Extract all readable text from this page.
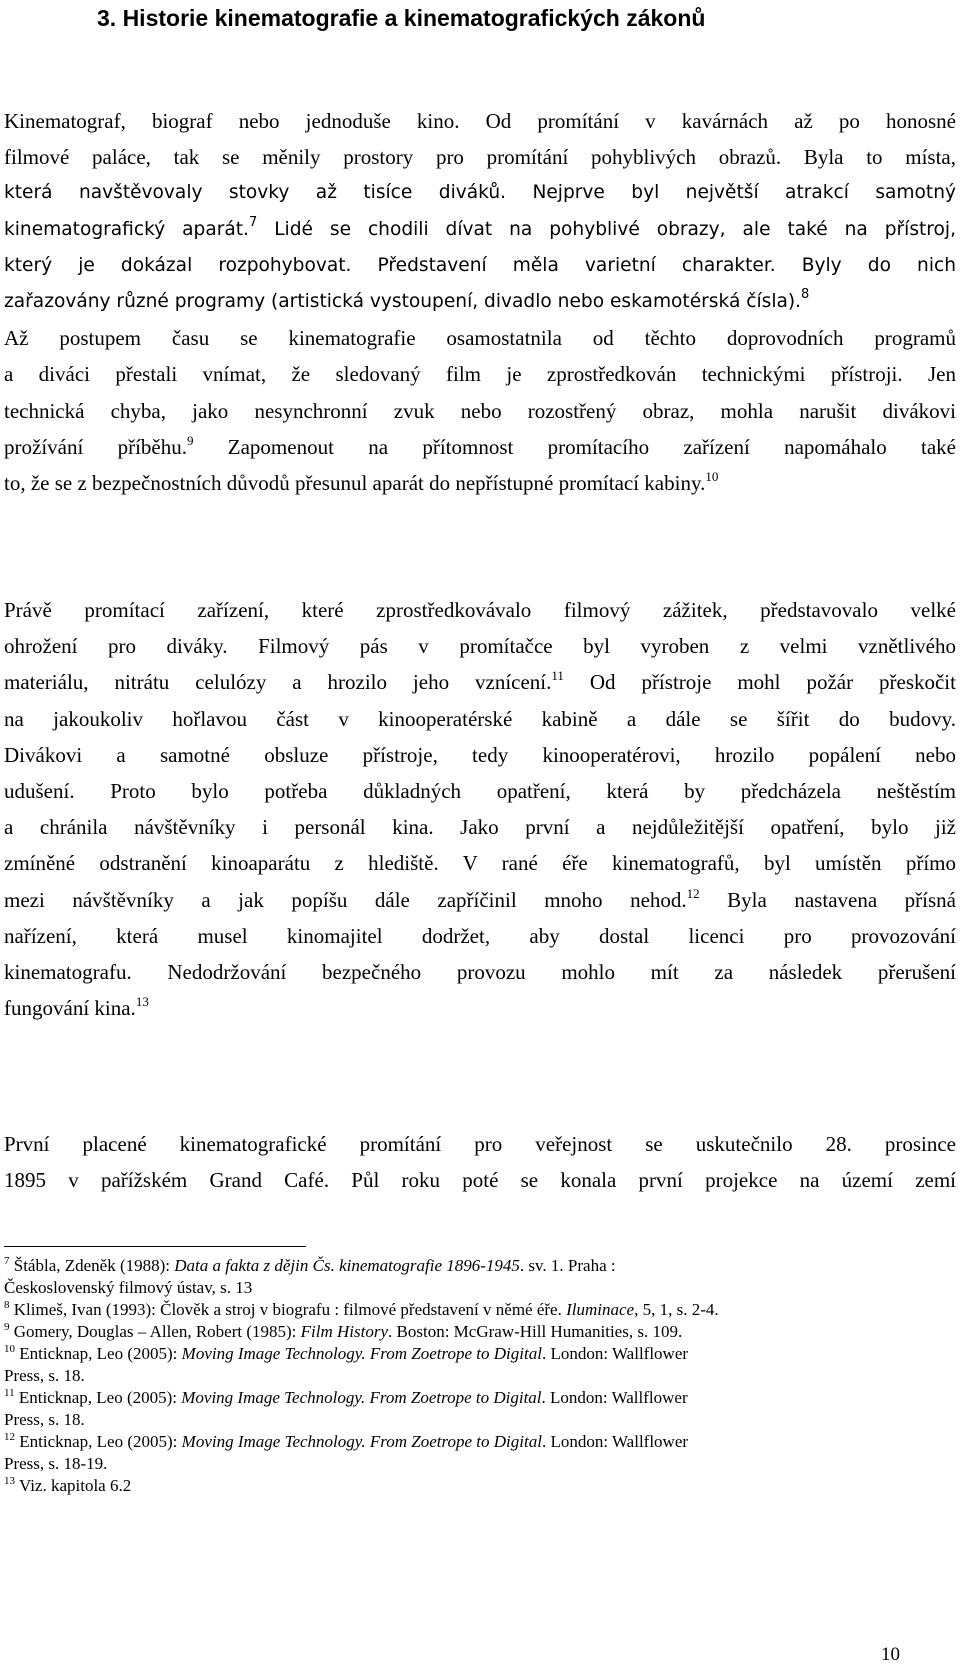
3. Historie kinematografie a kinematografických zákonů
Kinematograf, biograf nebo jednoduše kino. Od promítání v kavárnách až po honosné
filmové paláce, tak se měnily prostory pro promítání pohyblivých obrazů. Byla to místa,
která navštěvovaly stovky až tisíce diváků. Nejprve byl největší atrakcí samotný
kinematografický aparát.$^7$ Lidé se chodili dívat na pohyblivé obrazy, ale také na přístroj,
který je dokázal rozpohybovat. Představení měla varietní charakter. Byly do nich
zařazovány různé programy (artistická vystoupení, divadlo nebo eskamotérská čísla).$^8$
Až postupem času se kinematografie osamostatnila od těchto doprovodních programů
a diváci přestali vnímat, že sledovaný film je zprostředkován technickými přístroji. Jen
technická chyba, jako nesynchronní zvuk nebo rozostřený obraz, mohla narušit divákovi
prožívání příběhu.$^9$ Zapomenout na přítomnost promítacího zařízení napomáhalo také
to, že se z bezpečnostních důvodů přesunul aparát do nepřístupné promítací kabiny.$^{10}$
Právě promítací zařízení, které zprostředkovávalo filmový zážitek, představovalo velké
ohrožení pro diváky. Filmový pás v promítačce byl vyroben z velmi vznětlivého
materiálu, nitrátu celulózy a hrozilo jeho vznícení.$^{11}$ Od přístroje mohl požár přeskočit
na jakoukoliv hořlavou část v kinooperatérské kabině a dále se šířit do budovy.
Divákovi a samotné obsluze přístroje, tedy kinooperatérovi, hrozilo popálení nebo
udušení. Proto bylo potřeba důkladných opatření, která by předcházela neštěstím
a chránila návštěvníky i personál kina. Jako první a nejdůležitější opatření, bylo již
zmíněné odstranění kinoaparátu z hlediště. V rané éře kinematografů, byl umístěn přímo
mezi návštěvníky a jak popíšu dále zapříčinil mnoho nehod.$^{12}$ Byla nastavena přísná
nařízení, která musel kinomajitel dodržet, aby dostal licenci pro provozování
kinematografu. Nedodržování bezpečného provozu mohlo mít za následek přerušení
fungování kina.$^{13}$
První placené kinematografické promítání pro veřejnost se uskutečnilo 28. prosince
1895 v pařížském Grand Café. Půl roku poté se konala první projekce na území zemí

$^7$ Štábla, Zdeněk (1988): Data a fakta z dějin Čs. kinematografie 1896-1945. sv. 1. Praha :

Československý filmový ústav, s. 13

$^8$ Klimeš, Ivan (1993): Člověk a stroj v biografu : filmové představení v němé éře. Iluminace, 5, 1, s. 2-4.

$^9$ Gomery, Douglas – Allen, Robert (1985): Film History. Boston: McGraw-Hill Humanities, s. 109.

$^{10}$ Enticknap, Leo (2005): Moving Image Technology. From Zoetrope to Digital. London: Wallflower

Press, s. 18.

$^{11}$ Enticknap, Leo (2005): Moving Image Technology. From Zoetrope to Digital. London: Wallflower

Press, s. 18.

$^{12}$ Enticknap, Leo (2005): Moving Image Technology. From Zoetrope to Digital. London: Wallflower

Press, s. 18-19.

$^{13}$ Viz. kapitola 6.2

10
